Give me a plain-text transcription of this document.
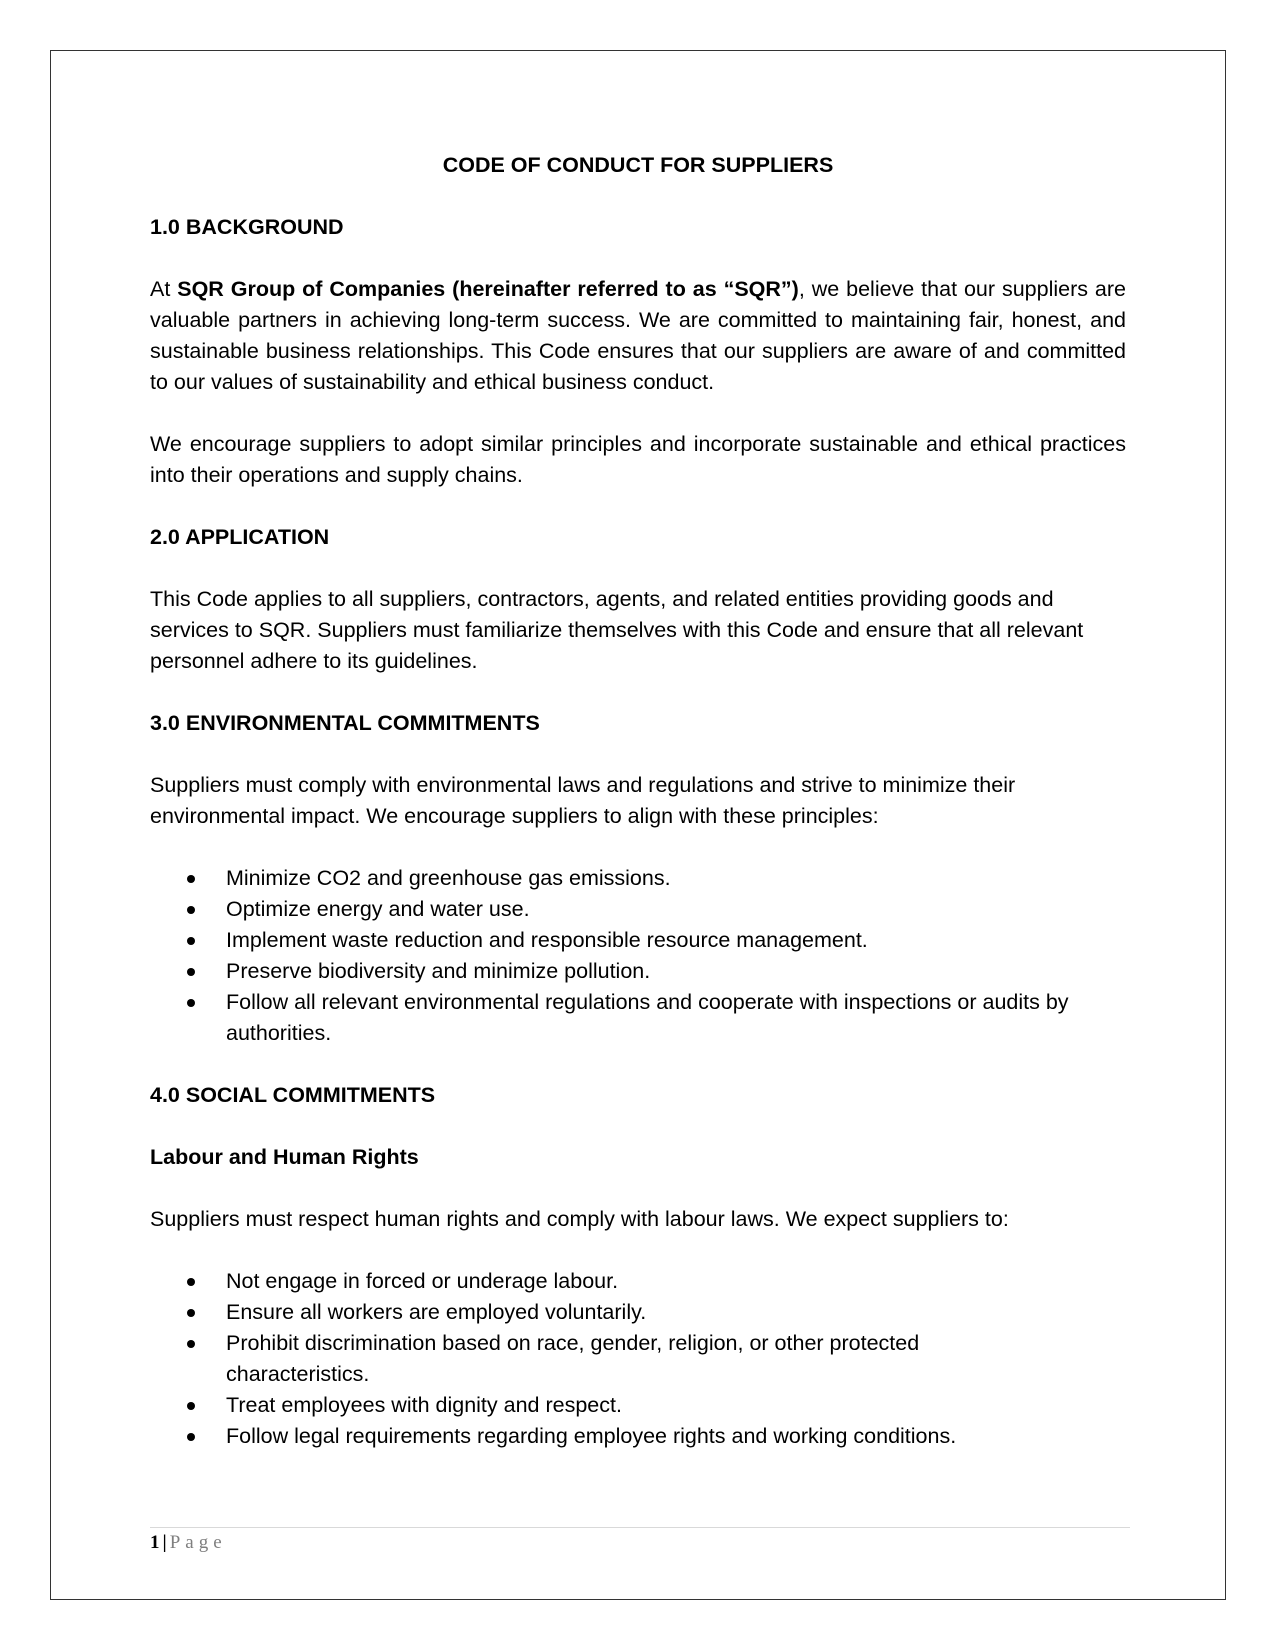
CODE OF CONDUCT FOR SUPPLIERS
1.0 BACKGROUND

At SQR Group of Companies (hereinafter referred to as “SQR”), we believe that our suppliers are valuable partners in achieving long-term success. We are committed to maintaining fair, honest, and sustainable business relationships. This Code ensures that our suppliers are aware of and committed to our values of sustainability and ethical business conduct.

We encourage suppliers to adopt similar principles and incorporate sustainable and ethical practices into their operations and supply chains.

2.0 APPLICATION

This Code applies to all suppliers, contractors, agents, and related entities providing goods and services to SQR. Suppliers must familiarize themselves with this Code and ensure that all relevant personnel adhere to its guidelines.

3.0 ENVIRONMENTAL COMMITMENTS

Suppliers must comply with environmental laws and regulations and strive to minimize their environmental impact. We encourage suppliers to align with these principles:

Minimize CO2 and greenhouse gas emissions.
Optimize energy and water use.
Implement waste reduction and responsible resource management.
Preserve biodiversity and minimize pollution.
Follow all relevant environmental regulations and cooperate with inspections or audits by authorities.
4.0 SOCIAL COMMITMENTS
Labour and Human Rights

Suppliers must respect human rights and comply with labour laws. We expect suppliers to:

Not engage in forced or underage labour.
Ensure all workers are employed voluntarily.
Prohibit discrimination based on race, gender, religion, or other protected characteristics.
Treat employees with dignity and respect.
Follow legal requirements regarding employee rights and working conditions.
1 | Page
